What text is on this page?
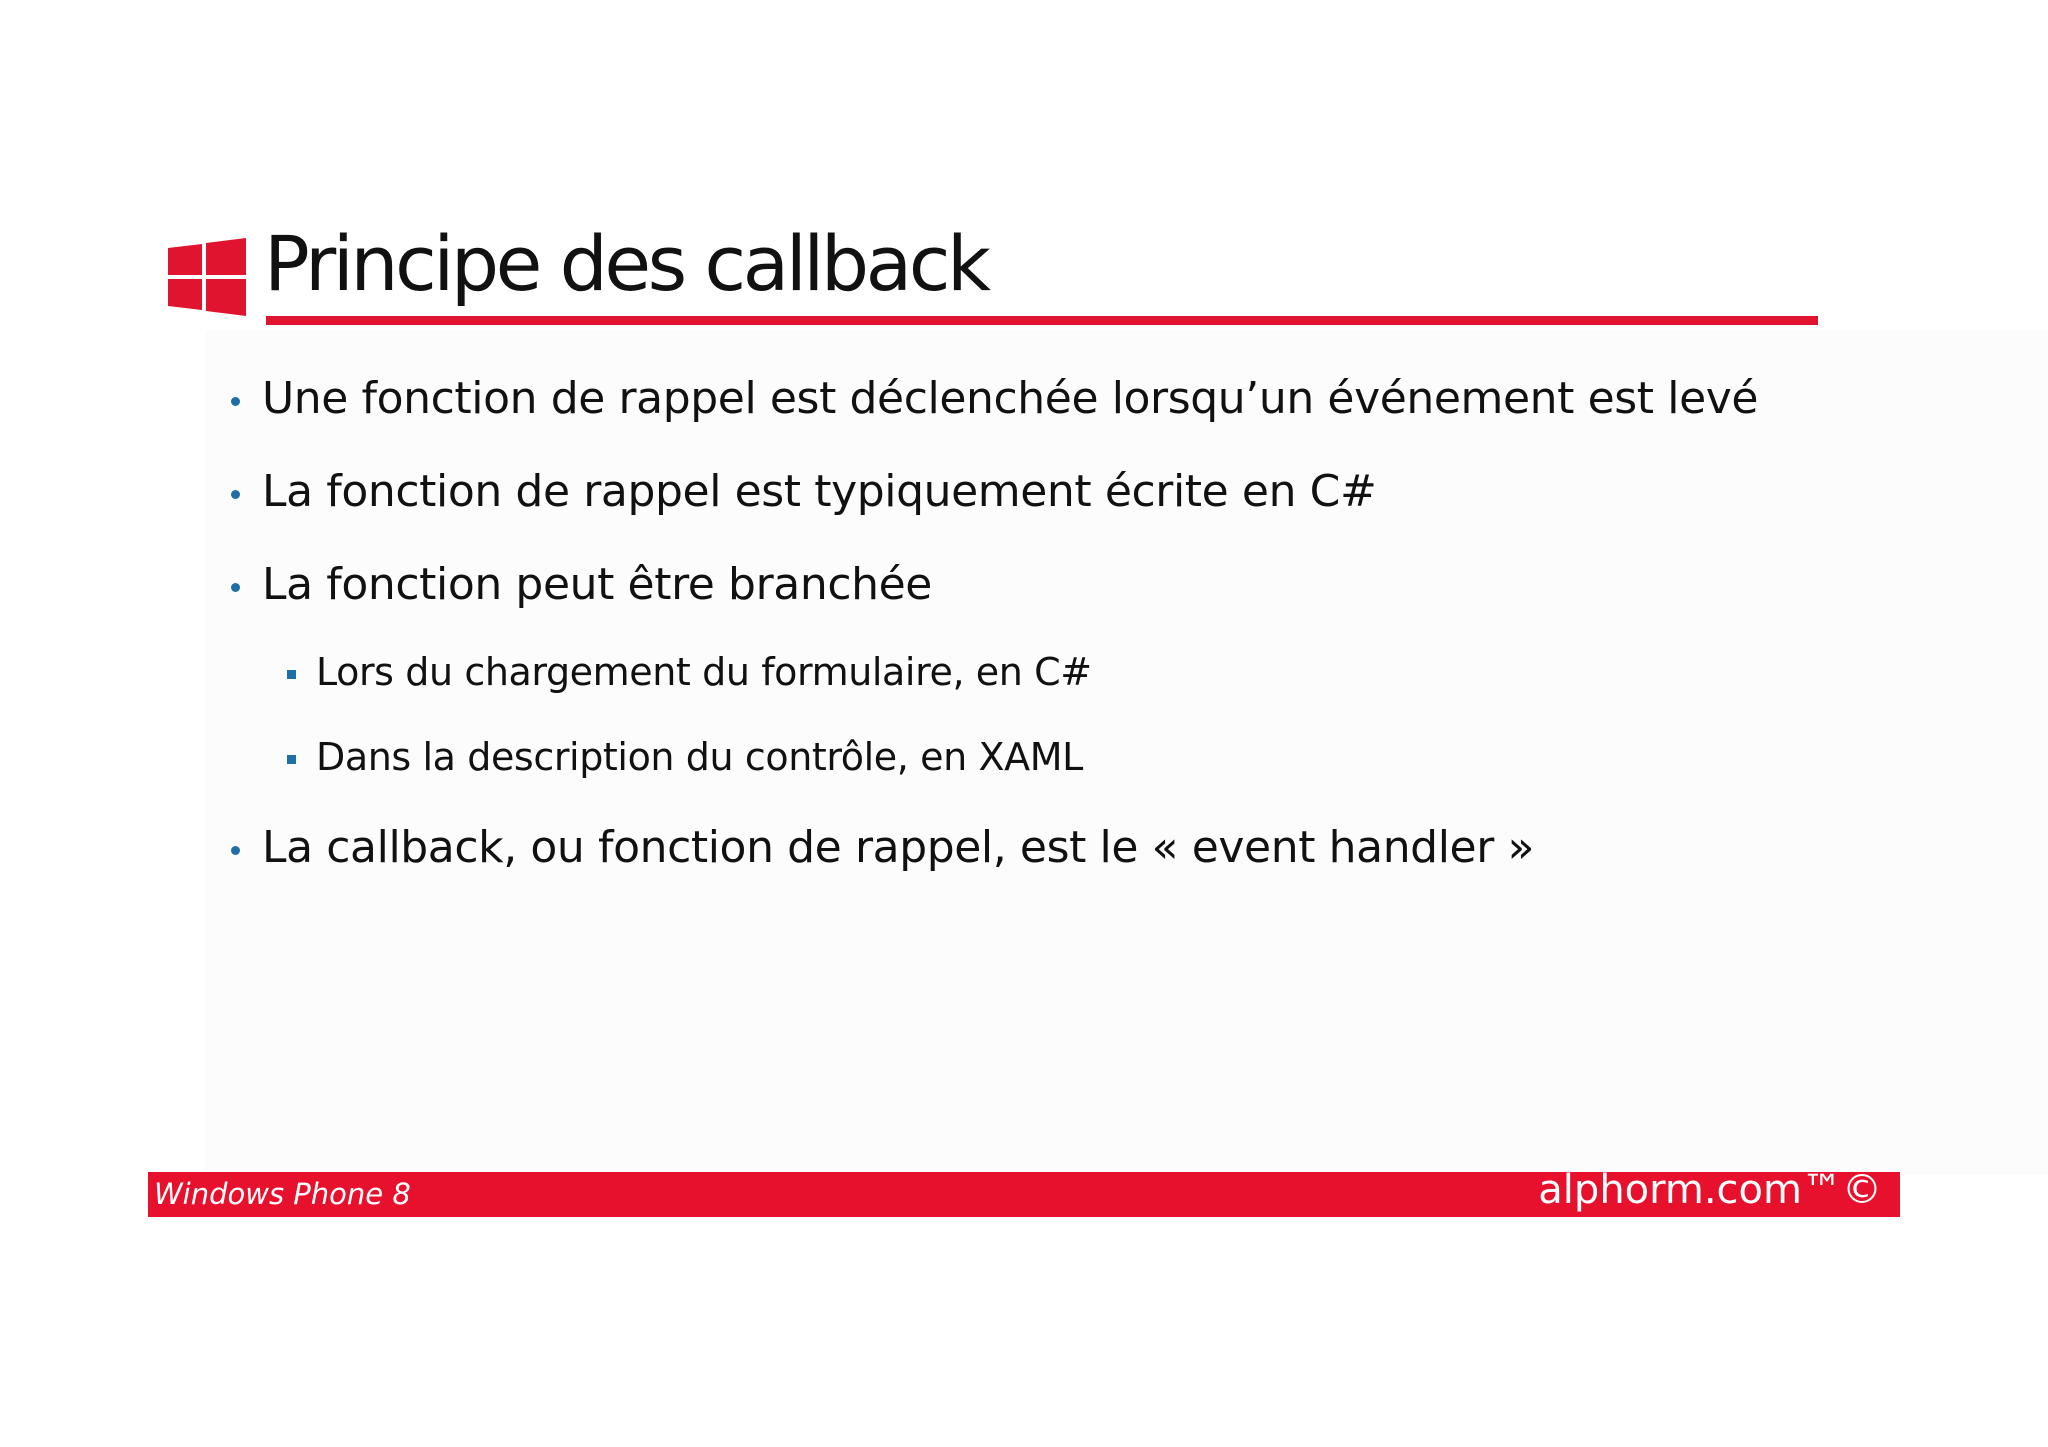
Principe des callback
Une fonction de rappel est déclenchée lorsqu’un événement est levé
La fonction de rappel est typiquement écrite en C#
La fonction peut être branchée
Lors du chargement du formulaire, en C#
Dans la description du contrôle, en XAML
La callback, ou fonction de rappel, est le « event handler »
Windows Phone 8	alphorm.com™©
